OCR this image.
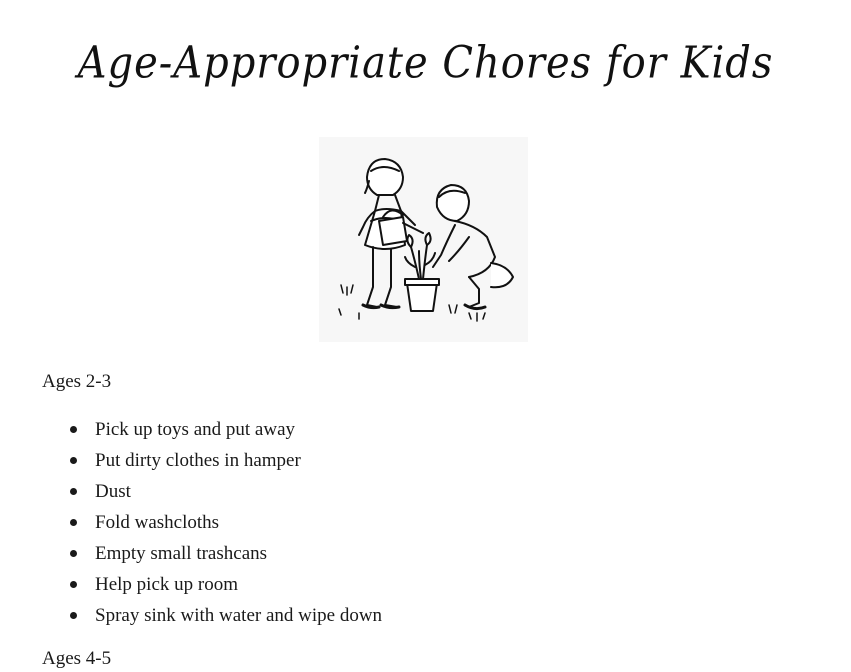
Age-Appropriate Chores for Kids
Ages 2-3
Pick up toys and put away
Put dirty clothes in hamper
Dust
Fold washcloths
Empty small trashcans
Help pick up room
Spray sink with water and wipe down
Ages 4-5
